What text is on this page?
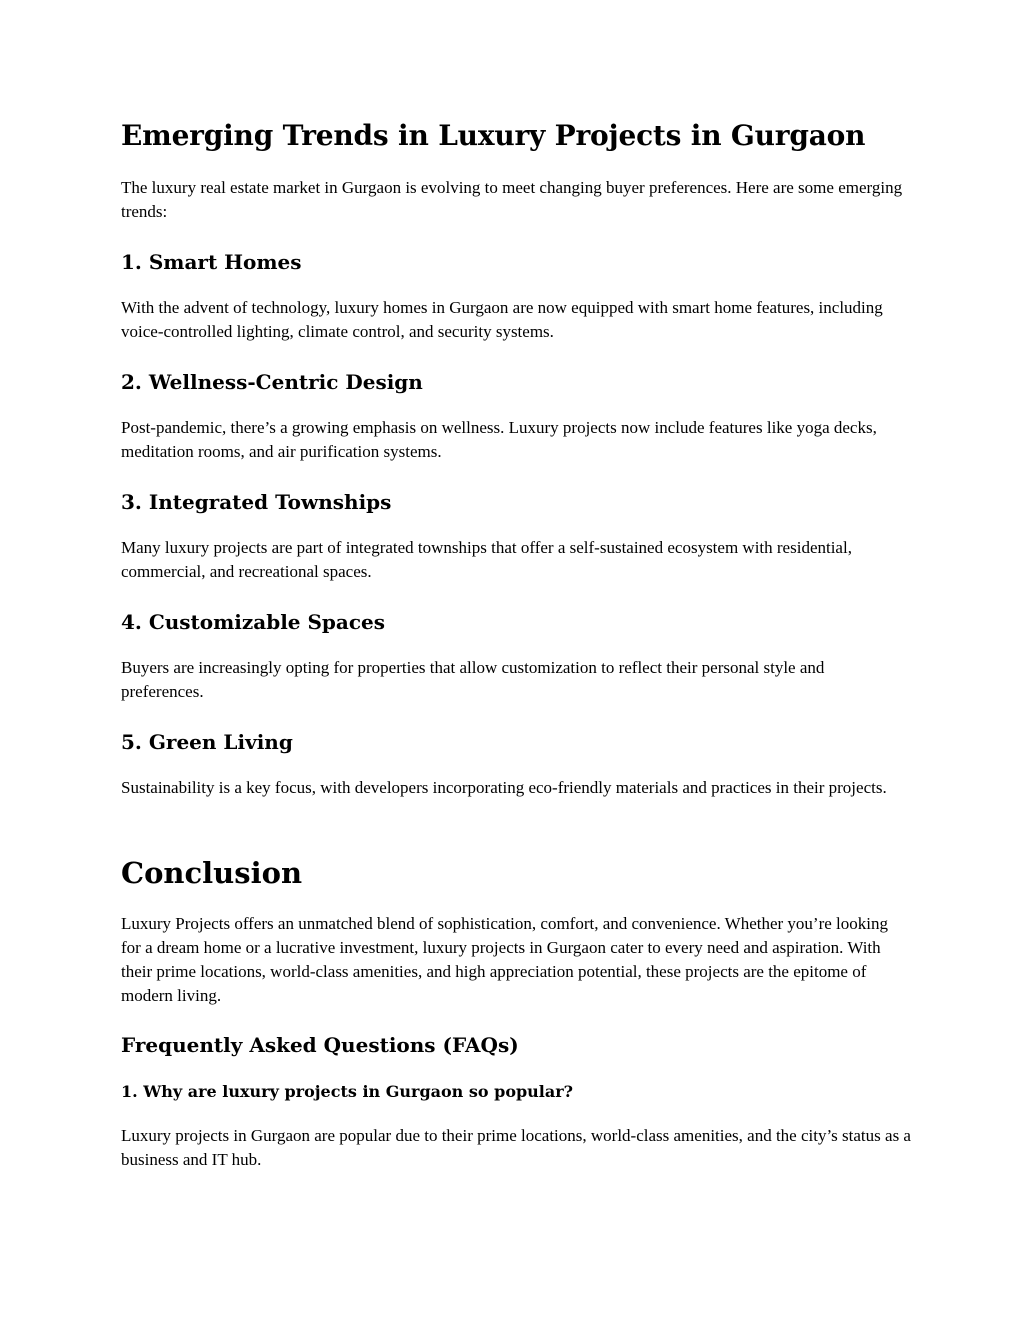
Emerging Trends in Luxury Projects in Gurgaon

The luxury real estate market in Gurgaon is evolving to meet changing buyer preferences. Here are some emerging trends:

1. Smart Homes

With the advent of technology, luxury homes in Gurgaon are now equipped with smart home features, including voice-controlled lighting, climate control, and security systems.

2. Wellness-Centric Design

Post-pandemic, there’s a growing emphasis on wellness. Luxury projects now include features like yoga decks, meditation rooms, and air purification systems.

3. Integrated Townships

Many luxury projects are part of integrated townships that offer a self-sustained ecosystem with residential, commercial, and recreational spaces.

4. Customizable Spaces

Buyers are increasingly opting for properties that allow customization to reflect their personal style and preferences.

5. Green Living

Sustainability is a key focus, with developers incorporating eco-friendly materials and practices in their projects.

Conclusion

Luxury Projects offers an unmatched blend of sophistication, comfort, and convenience. Whether you’re looking for a dream home or a lucrative investment, luxury projects in Gurgaon cater to every need and aspiration. With their prime locations, world-class amenities, and high appreciation potential, these projects are the epitome of modern living.

Frequently Asked Questions (FAQs)
1. Why are luxury projects in Gurgaon so popular?

Luxury projects in Gurgaon are popular due to their prime locations, world-class amenities, and the city’s status as a business and IT hub.
